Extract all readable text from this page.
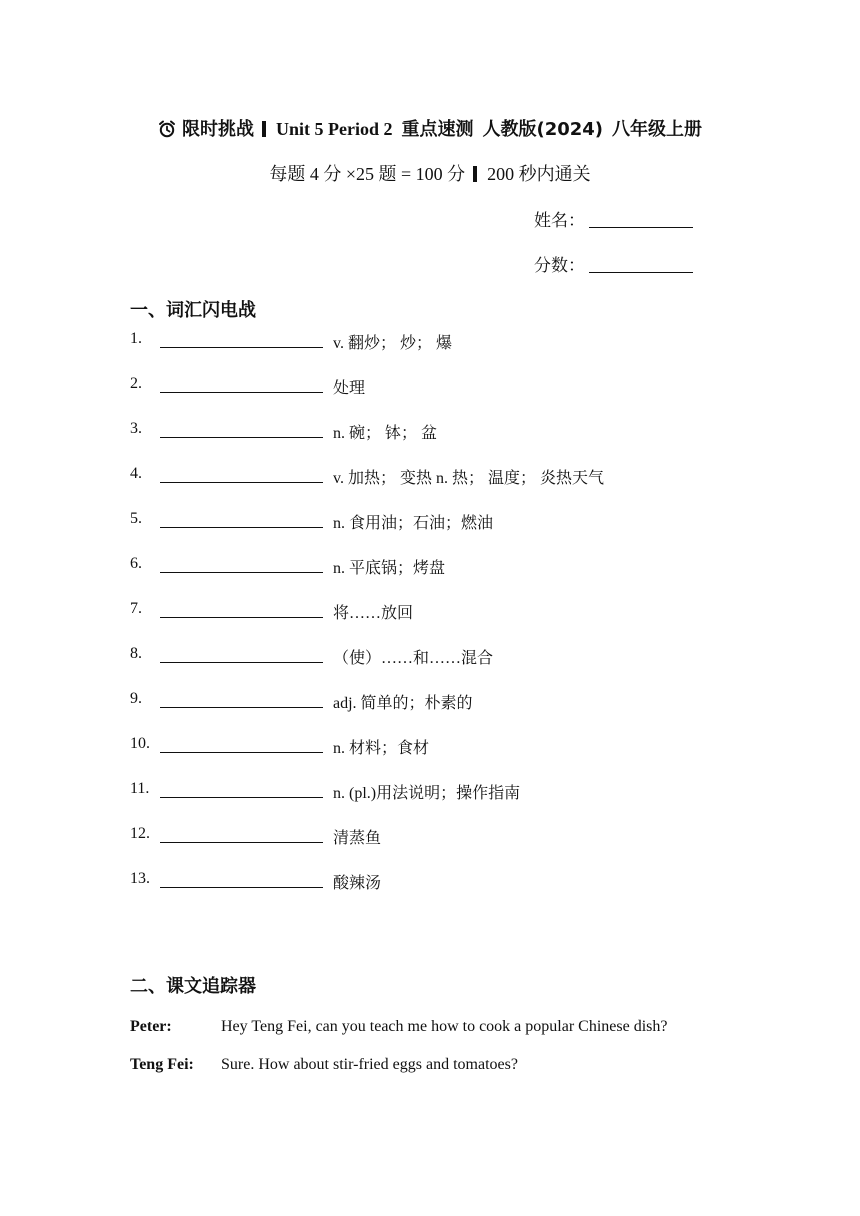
限时挑战 Unit 5 Period 2 重点速测 人教版(2024) 八年级上册
每题 4 分 ×25 题 = 100 分 200 秒内通关
姓名：
分数：
一、词汇闪电战
1.	v. 翻炒； 炒； 爆
2.	处理
3.	n. 碗； 钵； 盆
4.	v. 加热； 变热 n. 热； 温度； 炎热天气
5.	n. 食用油；石油；燃油
6.	n. 平底锅；烤盘
7.	将……放回
8.	（使）……和……混合
9.	adj. 简单的；朴素的
10.	n. 材料；食材
11.	n. (pl.)用法说明；操作指南
12.	清蒸鱼
13.	酸辣汤
二、课文追踪器
Peter:	Hey Teng Fei, can you teach me how to cook a popular Chinese dish?
Teng Fei:	Sure. How about stir-fried eggs and tomatoes?
